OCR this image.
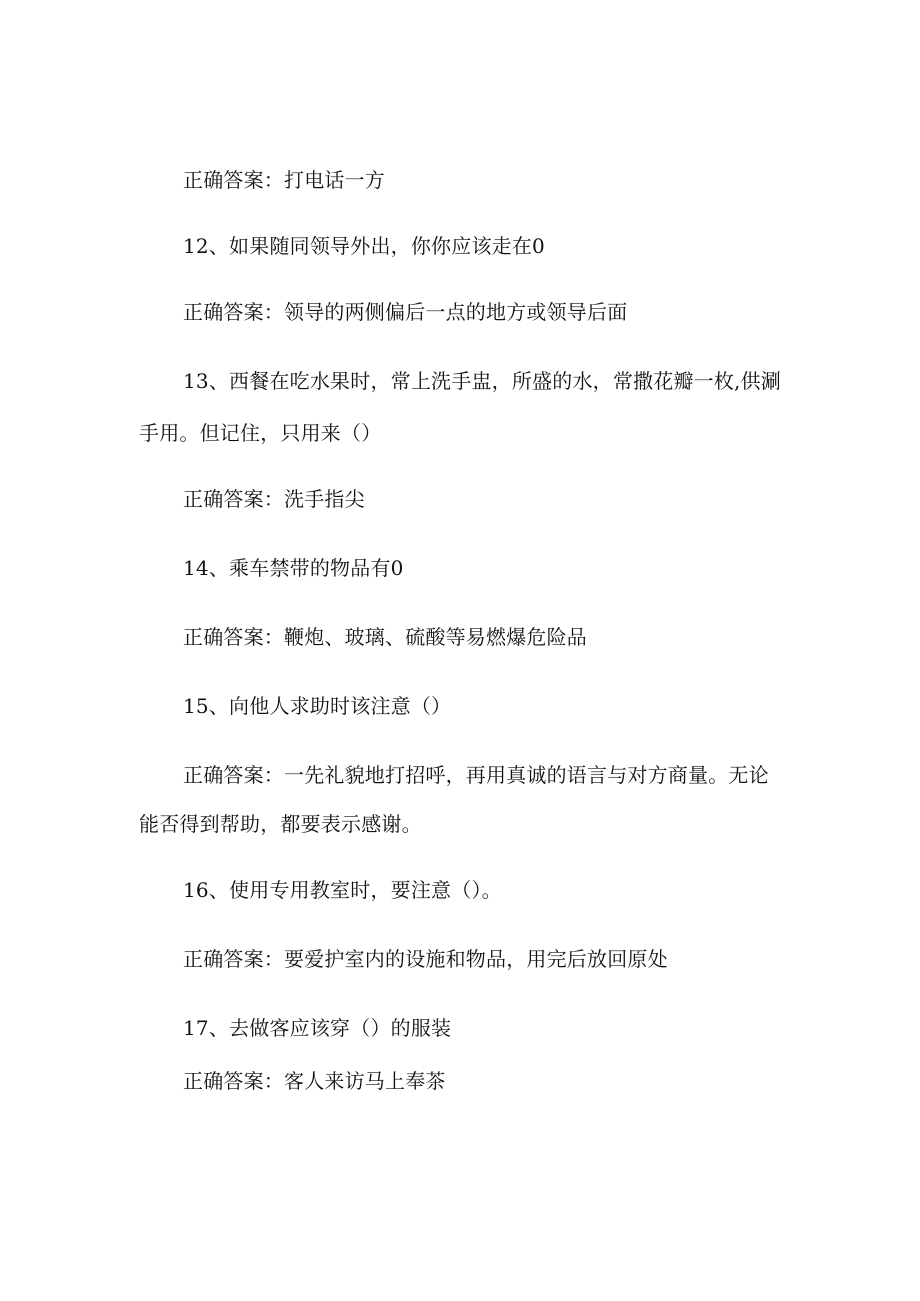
正确答案：打电话一方
12、如果随同领导外出，你你应该走在0
正确答案：领导的两侧偏后一点的地方或领导后面
13、西餐在吃水果时，常上洗手盅，所盛的水，常撒花瓣一枚,供涮
手用。但记住，只用来（）
正确答案：洗手指尖
14、乘车禁带的物品有0
正确答案：鞭炮、玻璃、硫酸等易燃爆危险品
15、向他人求助时该注意（）
正确答案：一先礼貌地打招呼，再用真诚的语言与对方商量。无论
能否得到帮助，都要表示感谢。
16、使用专用教室时，要注意（）。
正确答案：要爱护室内的设施和物品，用完后放回原处
17、去做客应该穿（）的服装
正确答案：客人来访马上奉茶
